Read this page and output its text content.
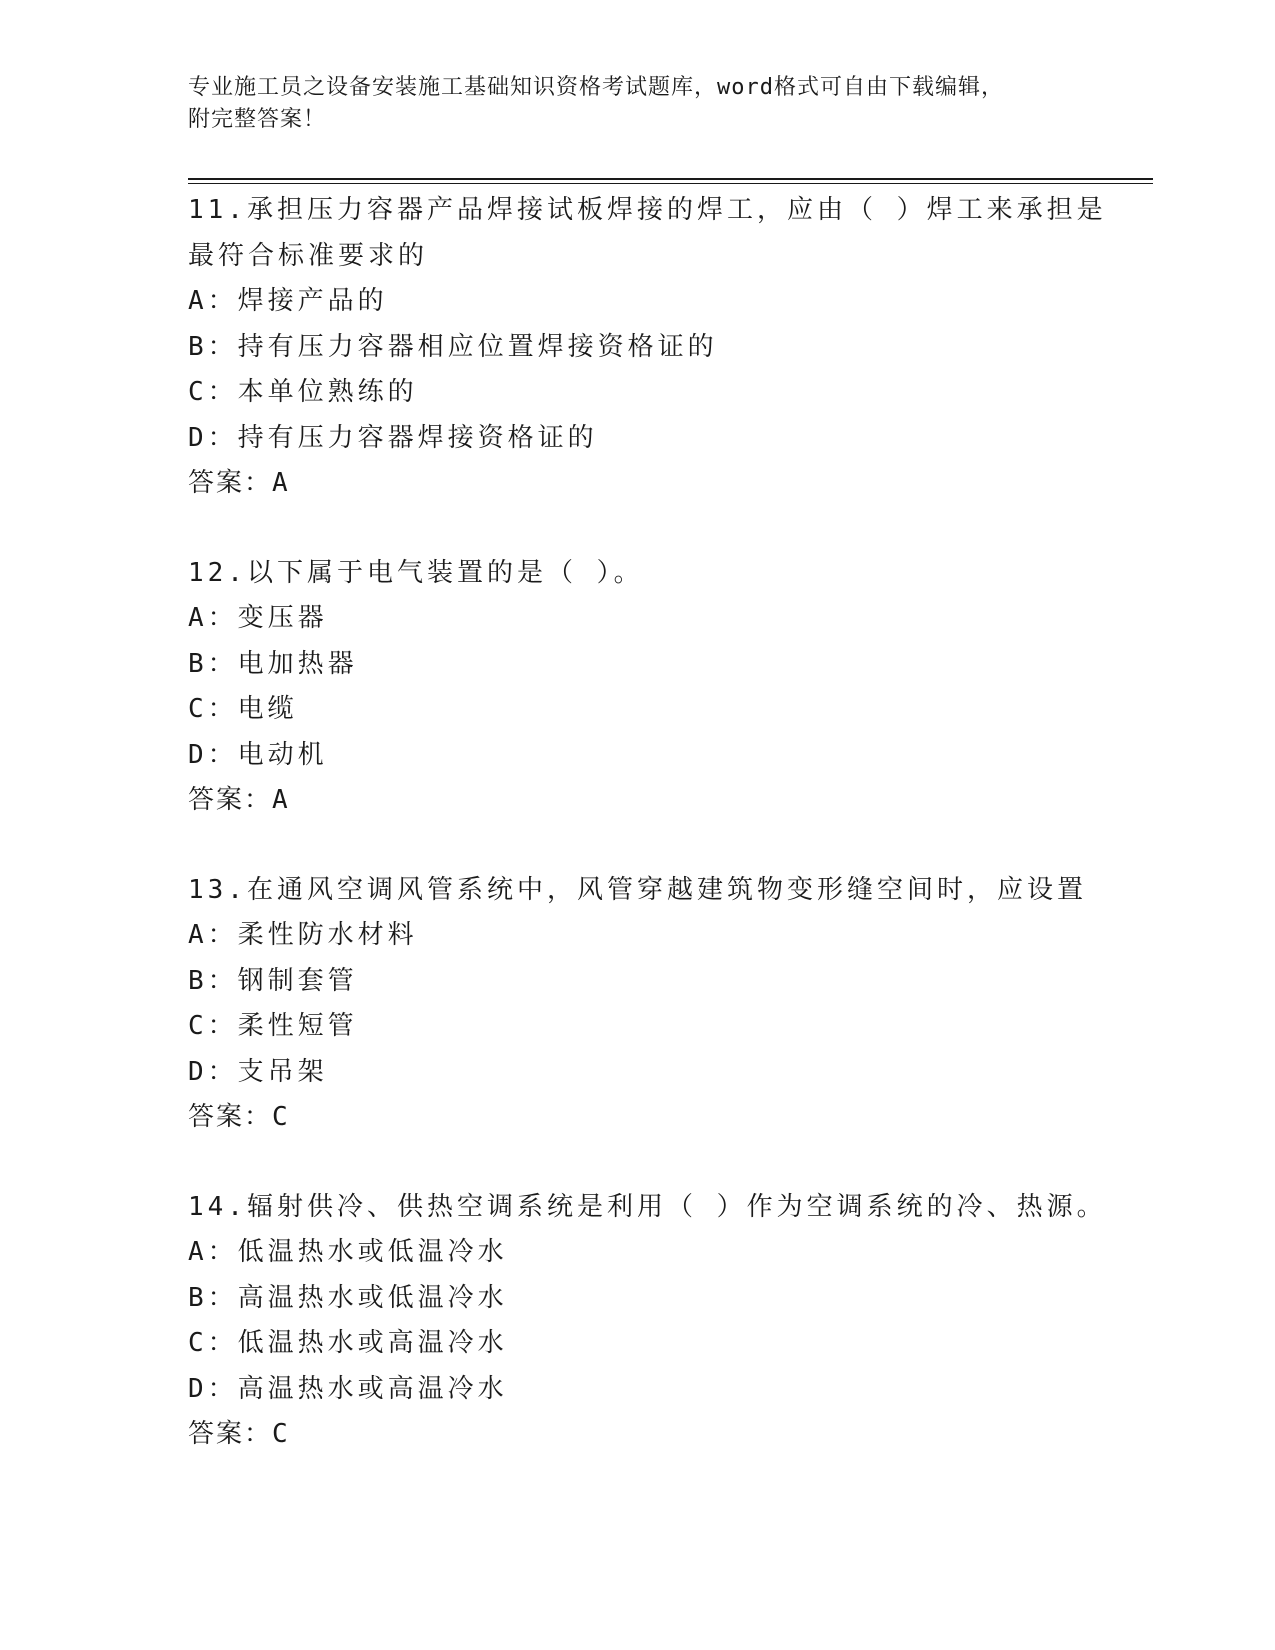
专业施工员之设备安装施工基础知识资格考试题库，word格式可自由下载编辑，
附完整答案！
11.承担压力容器产品焊接试板焊接的焊工，应由（ ）焊工来承担是
最符合标准要求的
A：焊接产品的
B：持有压力容器相应位置焊接资格证的
C：本单位熟练的
D：持有压力容器焊接资格证的
答案：A
12.以下属于电气装置的是（ ）。
A：变压器
B：电加热器
C：电缆
D：电动机
答案：A
13.在通风空调风管系统中，风管穿越建筑物变形缝空间时，应设置
A：柔性防水材料
B：钢制套管
C：柔性短管
D：支吊架
答案：C
14.辐射供冷、供热空调系统是利用（ ）作为空调系统的冷、热源。
A：低温热水或低温冷水
B：高温热水或低温冷水
C：低温热水或高温冷水
D：高温热水或高温冷水
答案：C
